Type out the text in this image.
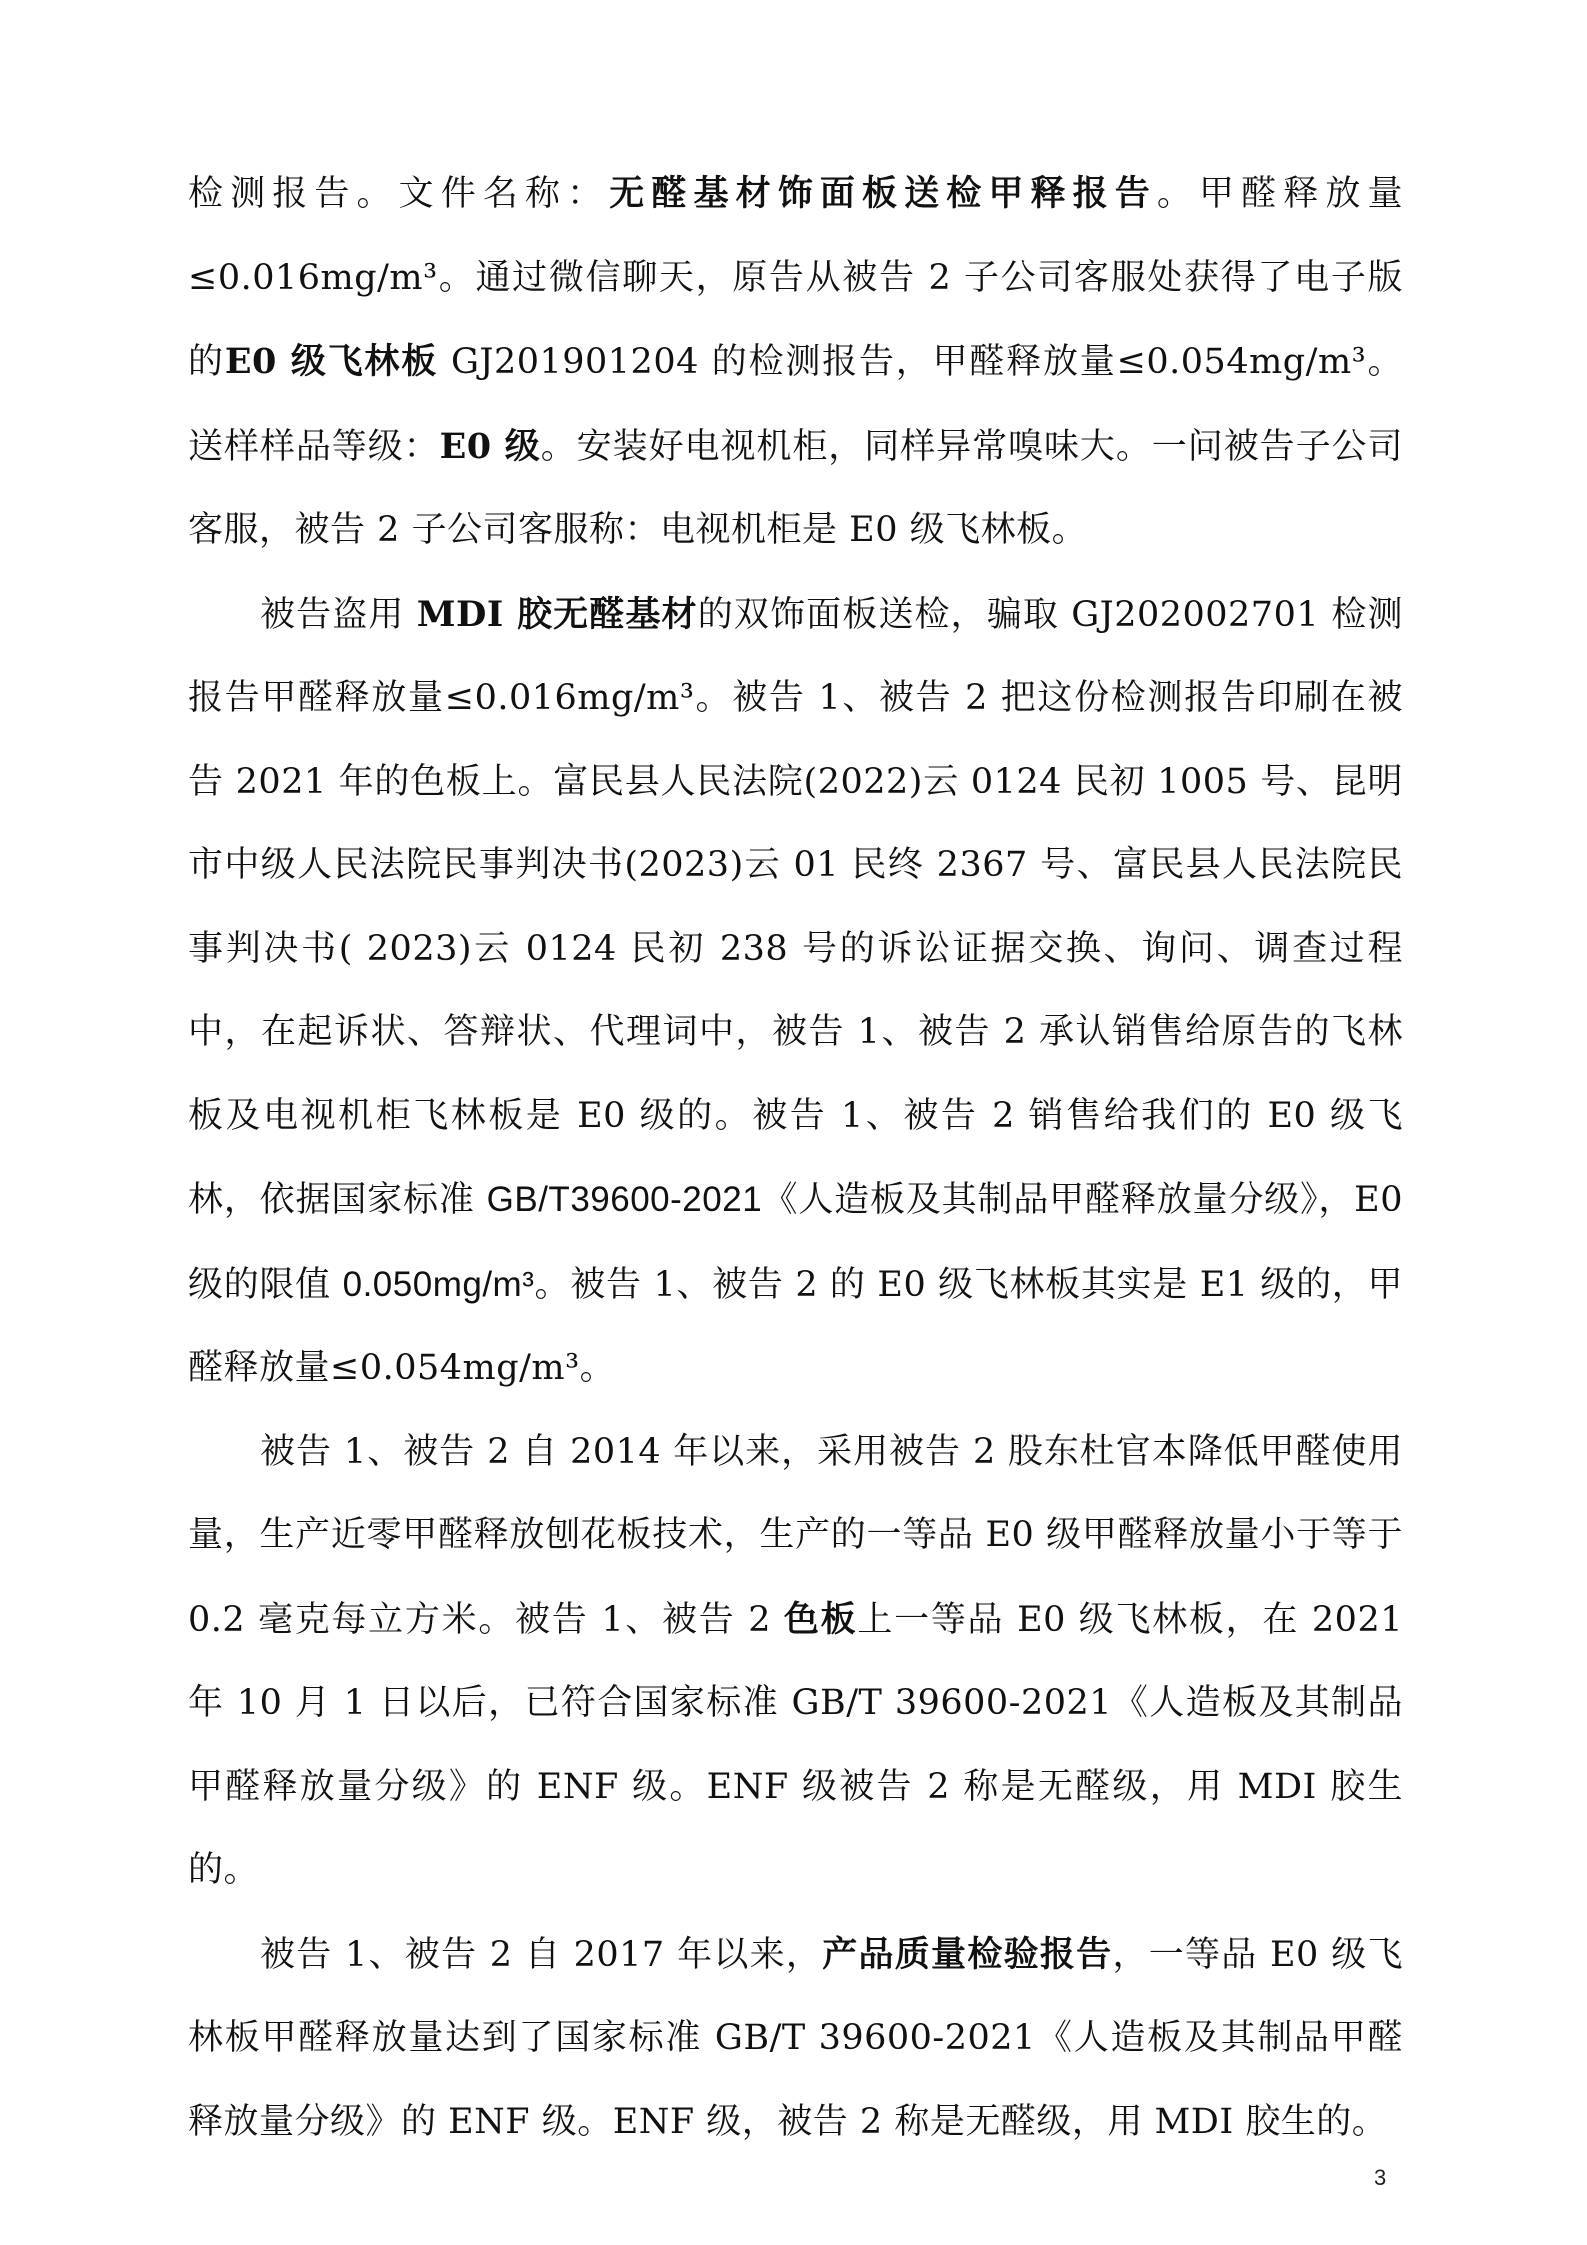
检测报告。文件名称：无醛基材饰面板送检甲释报告。甲醛释放量≤0.016mg/m³。通过微信聊天，原告从被告 2 子公司客服处获得了电子版的E0 级飞林板 GJ201901204 的检测报告，甲醛释放量≤0.054mg/m³。送样样品等级：E0 级。安装好电视机柜，同样异常嗅味大。一问被告子公司客服，被告 2 子公司客服称：电视机柜是 E0 级飞林板。

被告盗用 MDI 胶无醛基材的双饰面板送检，骗取 GJ202002701 检测报告甲醛释放量≤0.016mg/m³。被告 1、被告 2 把这份检测报告印刷在被告 2021 年的色板上。富民县人民法院(2022)云 0124 民初 1005 号、昆明市中级人民法院民事判决书(2023)云 01 民终 2367 号、富民县人民法院民事判决书( 2023)云 0124 民初 238 号的诉讼证据交换、询问、调查过程中，在起诉状、答辩状、代理词中，被告 1、被告 2 承认销售给原告的飞林板及电视机柜飞林板是 E0 级的。被告 1、被告 2 销售给我们的 E0 级飞林，依据国家标准 GB/T39600-2021《人造板及其制品甲醛释放量分级》，E0 级的限值 0.050mg/m³。被告 1、被告 2 的 E0 级飞林板其实是 E1 级的，甲醛释放量≤0.054mg/m³。

被告 1、被告 2 自 2014 年以来，采用被告 2 股东杜官本降低甲醛使用量，生产近零甲醛释放刨花板技术，生产的一等品 E0 级甲醛释放量小于等于 0.2 毫克每立方米。被告 1、被告 2 色板上一等品 E0 级飞林板，在 2021 年 10 月 1 日以后，已符合国家标准 GB/T 39600-2021《人造板及其制品甲醛释放量分级》的 ENF 级。ENF 级被告 2 称是无醛级，用 MDI 胶生的。

被告 1、被告 2 自 2017 年以来，产品质量检验报告，一等品 E0 级飞林板甲醛释放量达到了国家标准 GB/T 39600-2021《人造板及其制品甲醛释放量分级》的 ENF 级。ENF 级，被告 2 称是无醛级，用 MDI 胶生的。

3
